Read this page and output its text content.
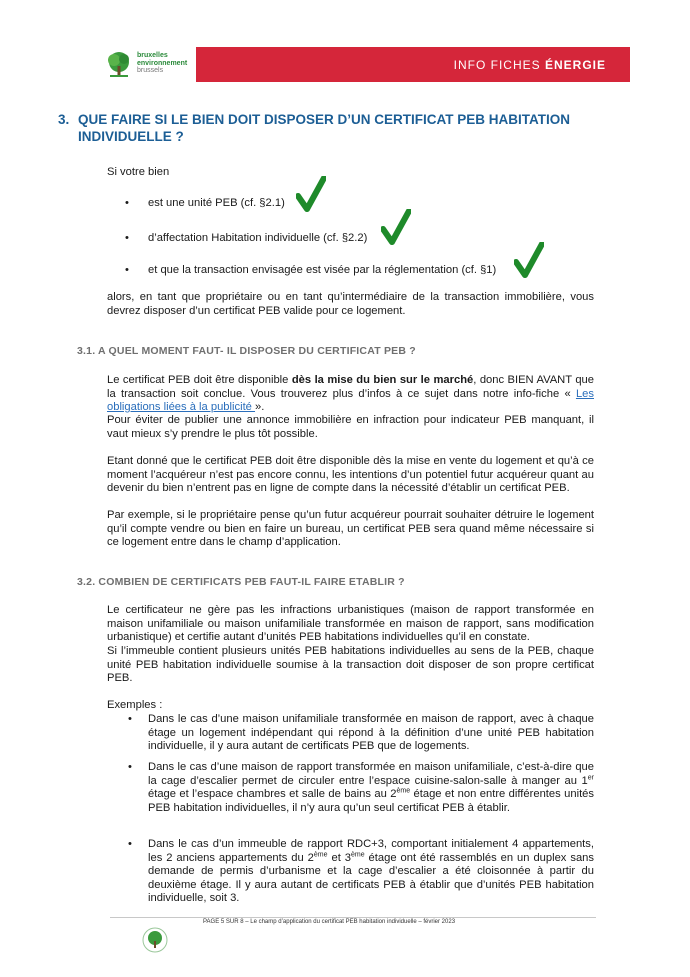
bruxelles
environnement
brussels	INFO FICHES ÉNERGIE
3. QUE FAIRE SI LE BIEN DOIT DISPOSER D’UN CERTIFICAT PEB HABITATION
INDIVIDUELLE ?
Si votre bien
• est une unité PEB (cf. §2.1)
• d’affectation Habitation individuelle (cf. §2.2)
• et que la transaction envisagée est visée par la réglementation (cf. §1)
alors, en tant que propriétaire ou en tant qu’intermédiaire de la transaction immobilière, vous devrez disposer d’un certificat PEB valide pour ce logement.
3.1. A QUEL MOMENT FAUT- IL DISPOSER DU CERTIFICAT PEB ?
Le certificat PEB doit être disponible dès la mise du bien sur le marché, donc BIEN AVANT que la transaction soit conclue. Vous trouverez plus d’infos à ce sujet dans notre info-fiche « Les obligations liées à la publicité ».
Pour éviter de publier une annonce immobilière en infraction pour indicateur PEB manquant, il vaut mieux s’y prendre le plus tôt possible.
Etant donné que le certificat PEB doit être disponible dès la mise en vente du logement et qu’à ce moment l’acquéreur n’est pas encore connu, les intentions d’un potentiel futur acquéreur quant au devenir du bien n’entrent pas en ligne de compte dans la nécessité d’établir un certificat PEB.
Par exemple, si le propriétaire pense qu’un futur acquéreur pourrait souhaiter détruire le logement qu’il compte vendre ou bien en faire un bureau, un certificat PEB sera quand même nécessaire si ce logement entre dans le champ d’application.
3.2. COMBIEN DE CERTIFICATS PEB FAUT-IL FAIRE ETABLIR ?
Le certificateur ne gère pas les infractions urbanistiques (maison de rapport transformée en maison unifamiliale ou maison unifamiliale transformée en maison de rapport, sans modification urbanistique) et certifie autant d’unités PEB habitations individuelles qu’il en constate.
Si l’immeuble contient plusieurs unités PEB habitations individuelles au sens de la PEB, chaque unité PEB habitation individuelle soumise à la transaction doit disposer de son propre certificat PEB.
Exemples :
• Dans le cas d’une maison unifamiliale transformée en maison de rapport, avec à chaque étage un logement indépendant qui répond à la définition d’une unité PEB habitation individuelle, il y aura autant de certificats PEB que de logements.
• Dans le cas d’une maison de rapport transformée en maison unifamiliale, c’est-à-dire que la cage d’escalier permet de circuler entre l’espace cuisine-salon-salle à manger au 1er étage et l’espace chambres et salle de bains au 2ème étage et non entre différentes unités PEB habitation individuelles, il n’y aura qu’un seul certificat PEB à établir.
• Dans le cas d’un immeuble de rapport RDC+3, comportant initialement 4 appartements, les 2 anciens appartements du 2ème et 3ème étage ont été rassemblés en un duplex sans demande de permis d’urbanisme et la cage d’escalier a été cloisonnée à partir du deuxième étage. Il y aura autant de certificats PEB à établir que d’unités PEB habitation individuelle, soit 3.
PAGE 5 SUR 8 – Le champ d’application du certificat PEB habitation individuelle – février 2023
